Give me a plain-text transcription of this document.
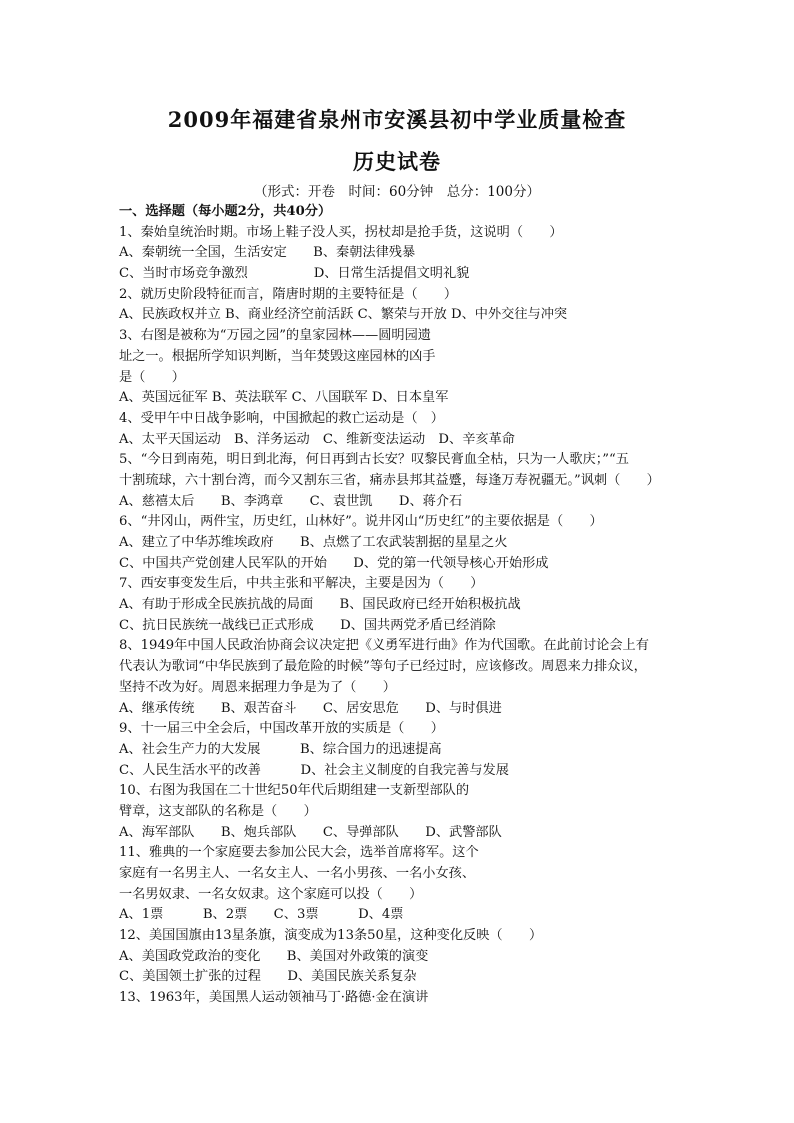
2009年福建省泉州市安溪县初中学业质量检查
历史试卷
（形式：开卷　时间：60分钟　总分：100分）
一、选择题（每小题2分，共40分）
1、秦始皇统治时期。市场上鞋子没人买，拐杖却是抢手货，这说明（　　）
A、秦朝统一全国，生活安定　　B、秦朝法律残暴
C、当时市场竞争激烈　　　　　D、日常生活提倡文明礼貌
2、就历史阶段特征而言，隋唐时期的主要特征是（　　）
A、民族政权并立 B、商业经济空前活跃 C、繁荣与开放 D、中外交往与冲突
3、右图是被称为“万园之园”的皇家园林——圆明园遗
址之一。根据所学知识判断，当年焚毁这座园林的凶手
是（　　）
A、英国远征军 B、英法联军 C、八国联军 D、日本皇军
4、受甲午中日战争影响，中国掀起的救亡运动是（　）
A、太平天国运动　B、洋务运动　C、维新变法运动　D、辛亥革命
5、“今日到南苑，明日到北海，何日再到古长安？叹黎民膏血全枯，只为一人歌庆；”“五
十割琉球，六十割台湾，而今又割东三省，痛赤县邦其益蹙，每逢万寿祝疆无。”讽刺（　　）
A、慈禧太后　　B、李鸿章　　C、袁世凯　　D、蒋介石
6、“井冈山，两件宝，历史红，山林好”。说井冈山“历史红”的主要依据是（　　）
A、建立了中华苏维埃政府　　B、点燃了工农武装割据的星星之火
C、中国共产党创建人民军队的开始　　D、党的第一代领导核心开始形成
7、西安事变发生后，中共主张和平解决，主要是因为（　　）
A、有助于形成全民族抗战的局面　　B、国民政府已经开始积极抗战
C、抗日民族统一战线已正式形成　　D、国共两党矛盾已经消除
8、1949年中国人民政治协商会议决定把《义勇军进行曲》作为代国歌。在此前讨论会上有
代表认为歌词“中华民族到了最危险的时候”等句子已经过时，应该修改。周恩来力排众议，
坚持不改为好。周恩来据理力争是为了（　　）
A、继承传统　　B、艰苦奋斗　　C、居安思危　　D、与时俱进
9、十一届三中全会后，中国改革开放的实质是（　　）
A、社会生产力的大发展　　　B、综合国力的迅速提高
C、人民生活水平的改善　　　D、社会主义制度的自我完善与发展
10、右图为我国在二十世纪50年代后期组建一支新型部队的
臂章，这支部队的名称是（　　）
A、海军部队　　B、炮兵部队　　C、导弹部队　　D、武警部队
11、雅典的一个家庭要去参加公民大会，选举首席将军。这个
家庭有一名男主人、一名女主人、一名小男孩、一名小女孩、
一名男奴隶、一名女奴隶。这个家庭可以投（　　）
A、1票　　　B、2票　　C、3票　　　D、4票
12、美国国旗由13星条旗，演变成为13条50星，这种变化反映（　　）
A、美国政党政治的变化　　B、美国对外政策的演变
C、美国领土扩张的过程　　D、美国民族关系复杂
13、1963年，美国黑人运动领袖马丁·路德·金在演讲
